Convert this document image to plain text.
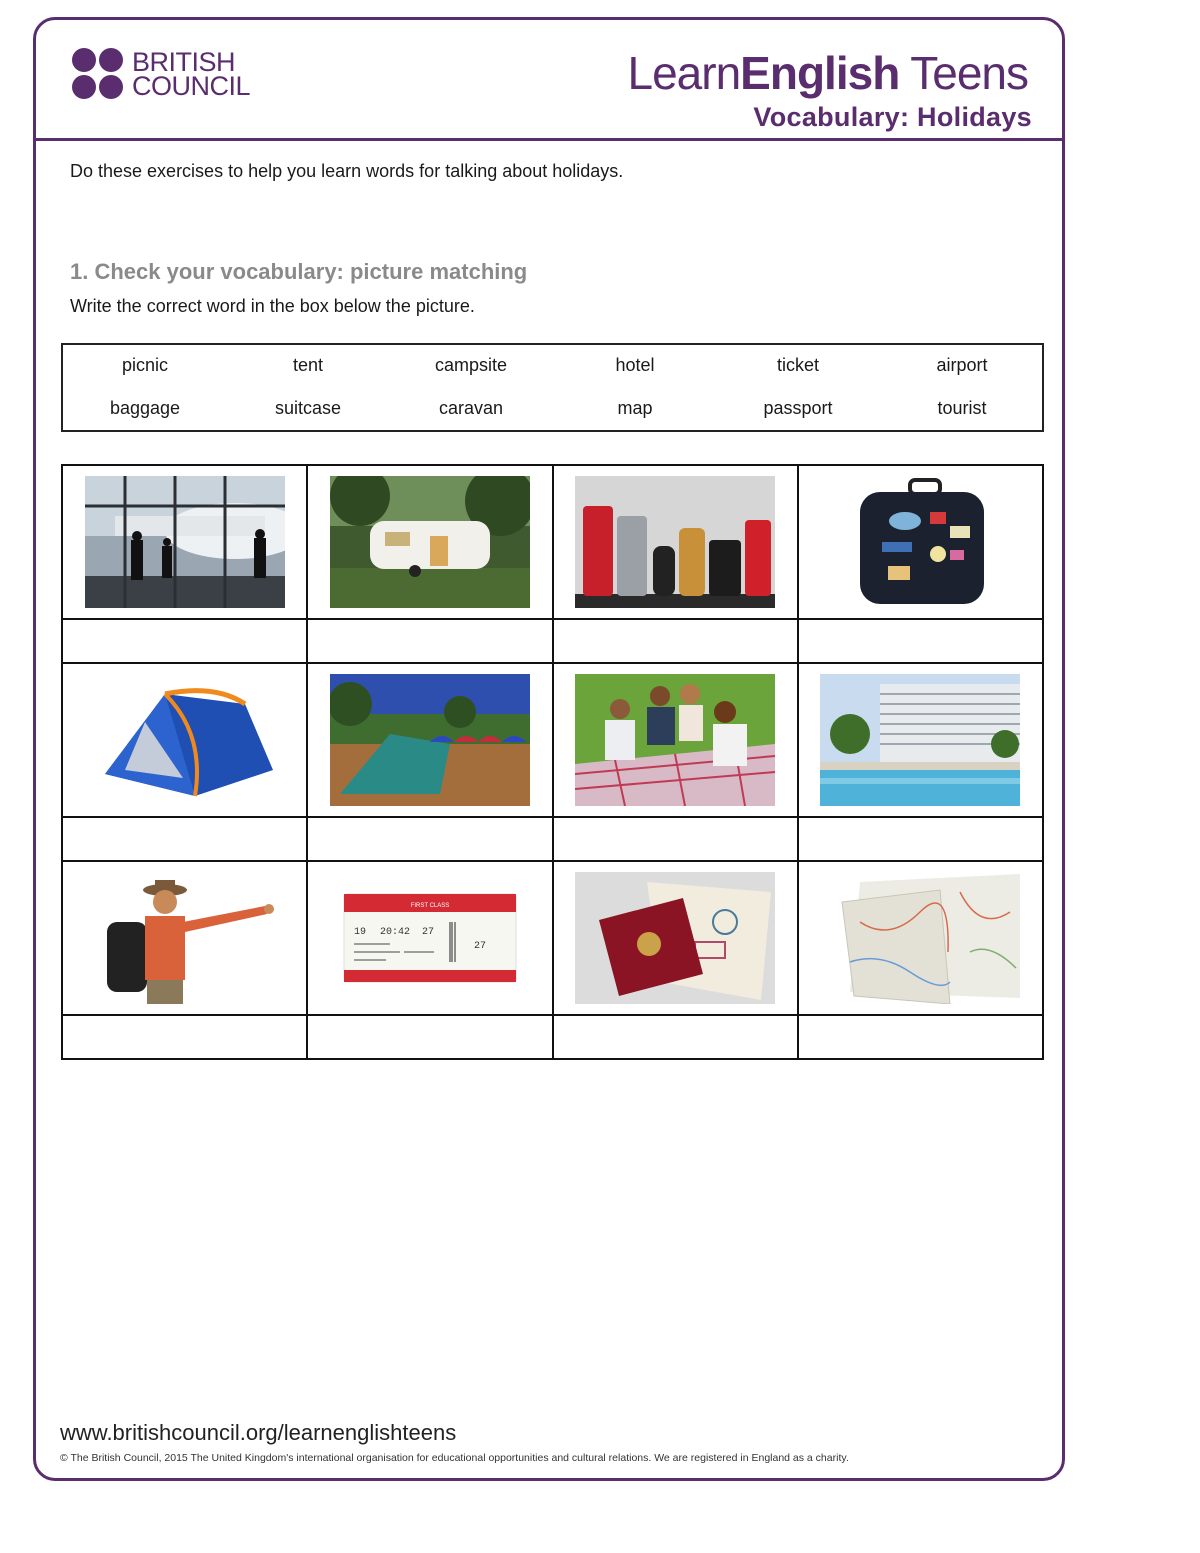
BRITISH
COUNCIL	LearnEnglish Teens
Vocabulary: Holidays
Do these exercises to help you learn words for talking about holidays.
1. Check your vocabulary: picture matching
Write the correct word in the box below the picture.
picnic	tent	campsite	hotel	ticket	airport
baggage	suitcase	caravan	map	passport	tourist

FIRST CLASS
19 20:42 27
27

www.britishcouncil.org/learnenglishteens
© The British Council, 2015 The United Kingdom's international organisation for educational opportunities and cultural relations. We are registered in England as a charity.
